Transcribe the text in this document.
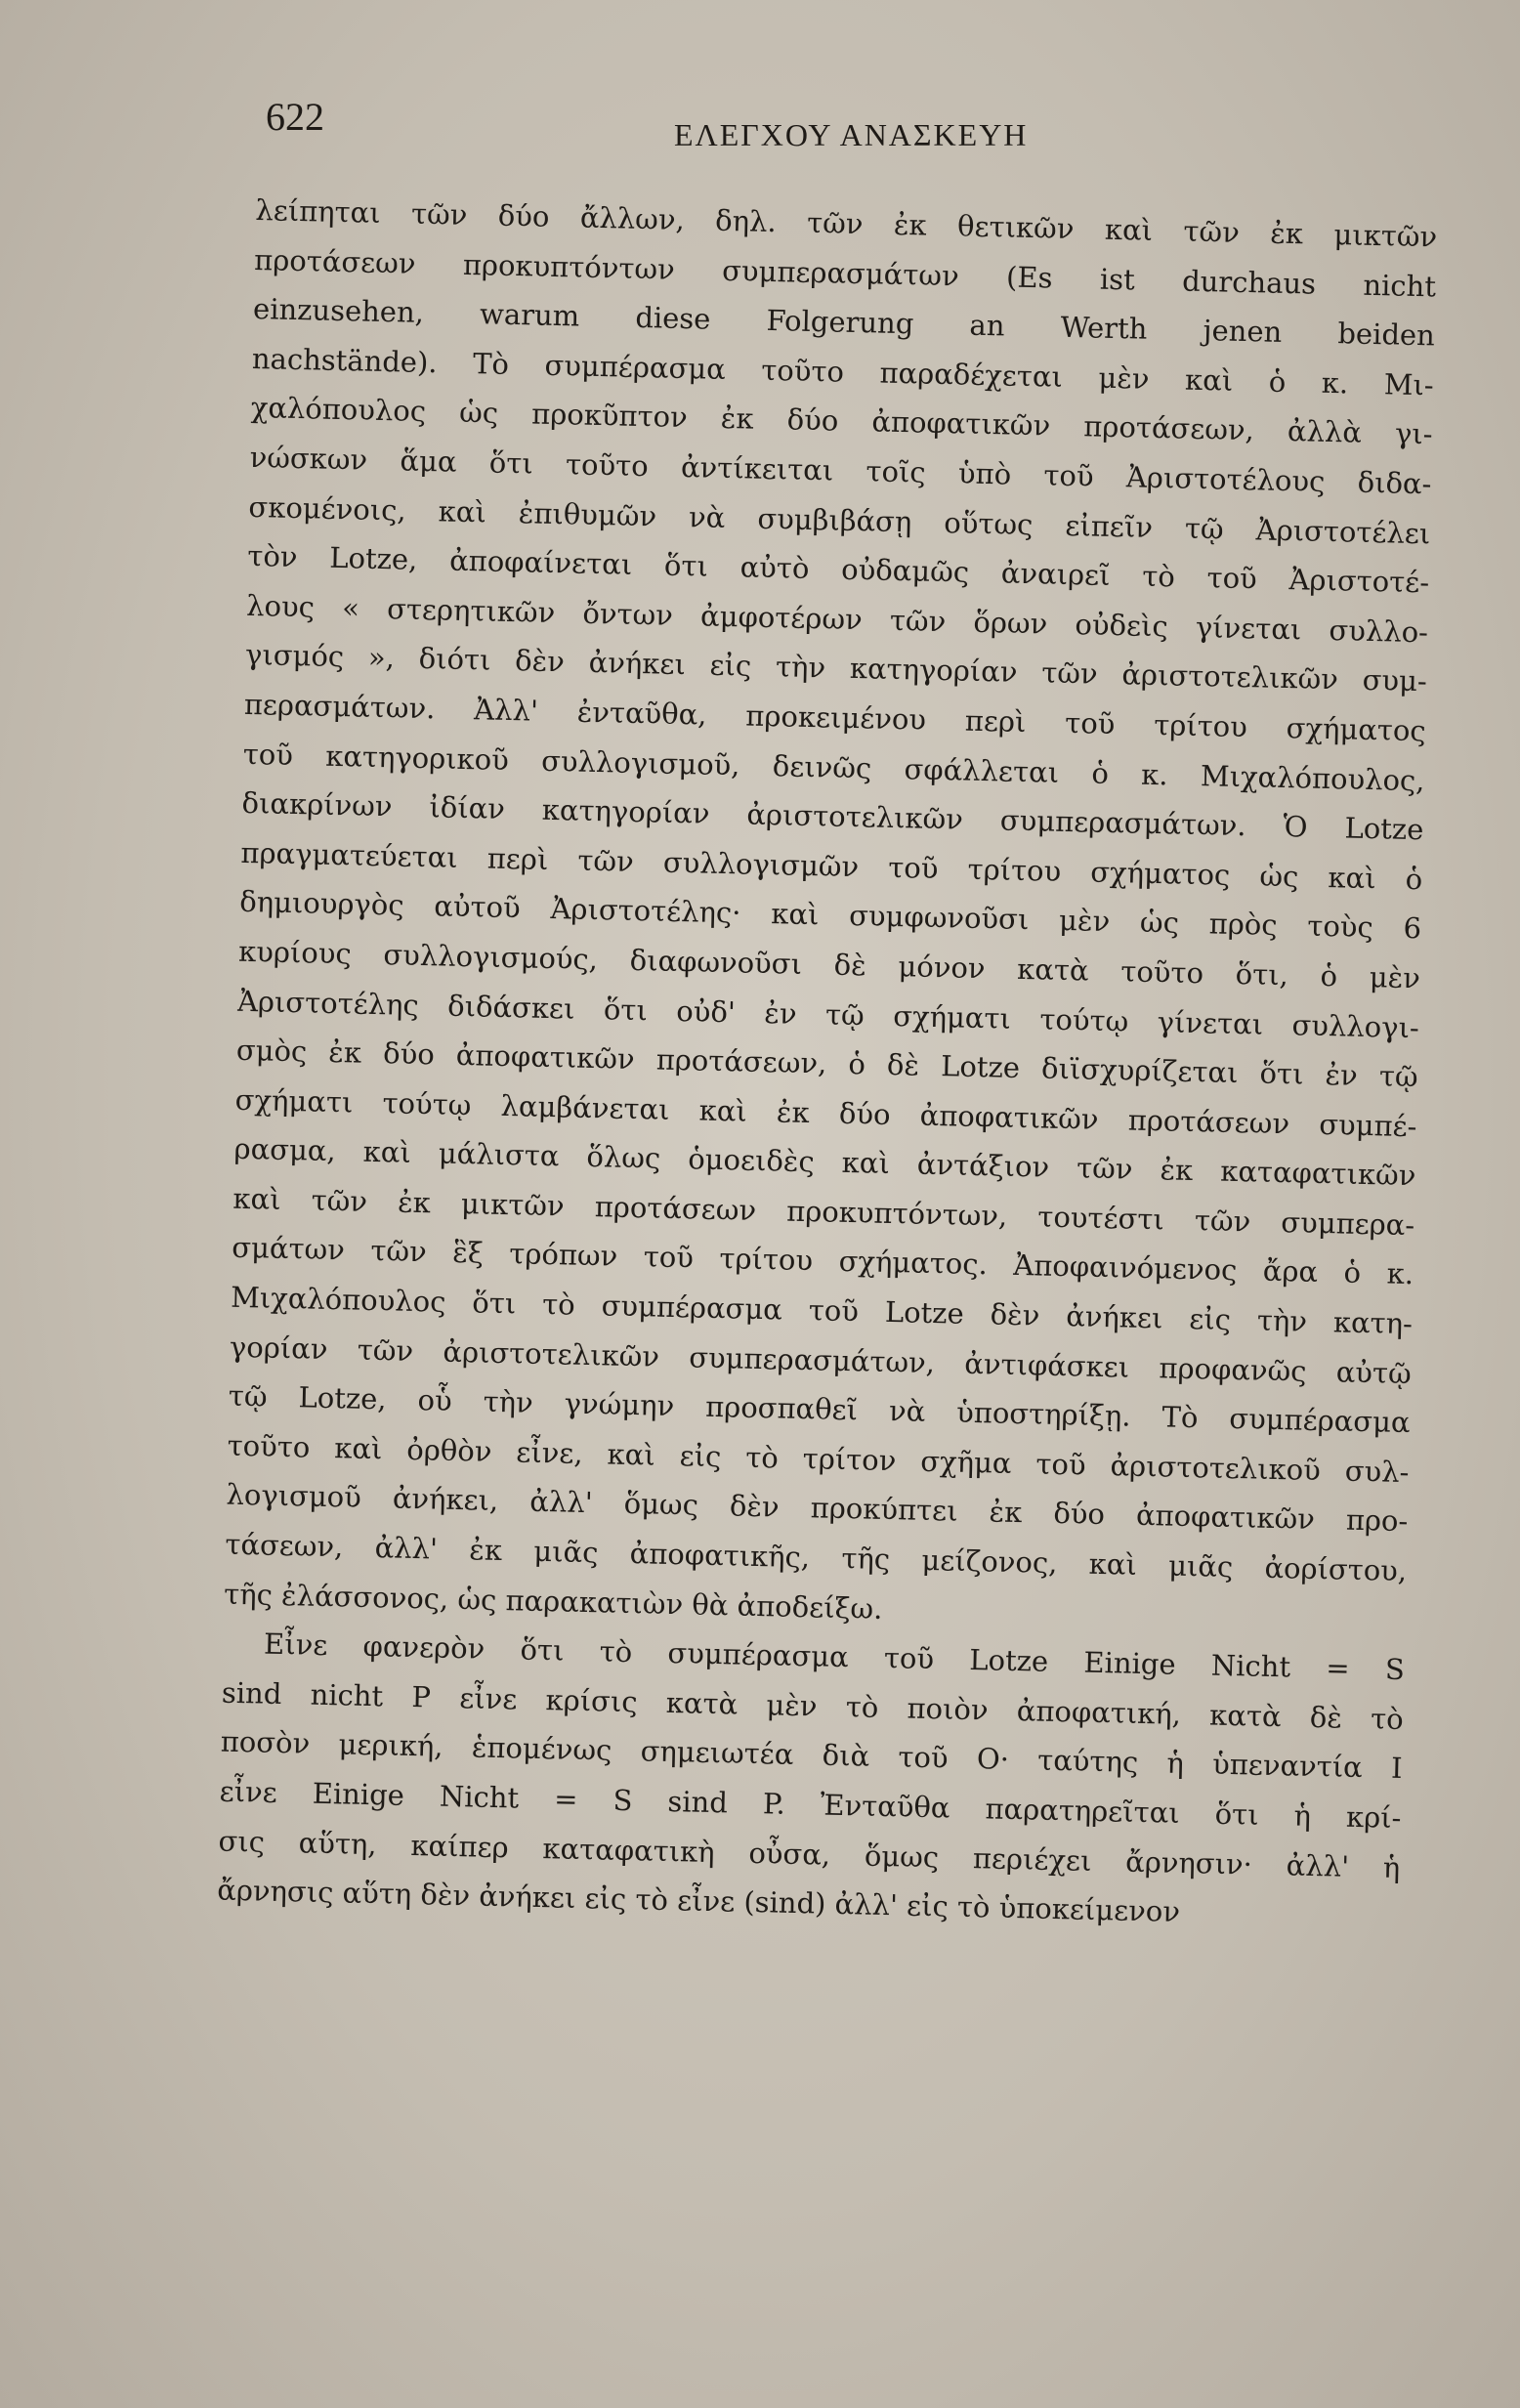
622	ΕΛΕΓΧΟΥ ΑΝΑΣΚΕΥΗ
λείπηται τῶν δύο ἄλλων, δηλ. τῶν ἐκ θετικῶν καὶ τῶν ἐκ μικτῶν
προτάσεων προκυπτόντων συμπερασμάτων (Es ist durchaus nicht
einzusehen, warum diese Folgerung an Werth jenen beiden
nachstände). Τὸ συμπέρασμα τοῦτο παραδέχεται μὲν καὶ ὁ κ. Μι-
χαλόπουλος ὡς προκῦπτον ἐκ δύο ἀποφατικῶν προτάσεων, ἀλλὰ γι-
νώσκων ἅμα ὅτι τοῦτο ἀντίκειται τοῖς ὑπὸ τοῦ Ἀριστοτέλους διδα-
σκομένοις, καὶ ἐπιθυμῶν νὰ συμβιβάσῃ οὕτως εἰπεῖν τῷ Ἀριστοτέλει
τὸν Lotze, ἀποφαίνεται ὅτι αὐτὸ οὐδαμῶς ἀναιρεῖ τὸ τοῦ Ἀριστοτέ-
λους « στερητικῶν ὄντων ἀμφοτέρων τῶν ὅρων οὐδεὶς γίνεται συλλο-
γισμός », διότι δὲν ἀνήκει εἰς τὴν κατηγορίαν τῶν ἀριστοτελικῶν συμ-
περασμάτων. Ἀλλ' ἐνταῦθα, προκειμένου περὶ τοῦ τρίτου σχήματος
τοῦ κατηγορικοῦ συλλογισμοῦ, δεινῶς σφάλλεται ὁ κ. Μιχαλόπουλος,
διακρίνων ἰδίαν κατηγορίαν ἀριστοτελικῶν συμπερασμάτων. Ὁ Lotze
πραγματεύεται περὶ τῶν συλλογισμῶν τοῦ τρίτου σχήματος ὡς καὶ ὁ
δημιουργὸς αὐτοῦ Ἀριστοτέλης· καὶ συμφωνοῦσι μὲν ὡς πρὸς τοὺς 6
κυρίους συλλογισμούς, διαφωνοῦσι δὲ μόνον κατὰ τοῦτο ὅτι, ὁ μὲν
Ἀριστοτέλης διδάσκει ὅτι οὐδ' ἐν τῷ σχήματι τούτῳ γίνεται συλλογι-
σμὸς ἐκ δύο ἀποφατικῶν προτάσεων, ὁ δὲ Lotze διϊσχυρίζεται ὅτι ἐν τῷ
σχήματι τούτῳ λαμβάνεται καὶ ἐκ δύο ἀποφατικῶν προτάσεων συμπέ-
ρασμα, καὶ μάλιστα ὅλως ὁμοειδὲς καὶ ἀντάξιον τῶν ἐκ καταφατικῶν
καὶ τῶν ἐκ μικτῶν προτάσεων προκυπτόντων, τουτέστι τῶν συμπερα-
σμάτων τῶν ἓξ τρόπων τοῦ τρίτου σχήματος. Ἀποφαινόμενος ἄρα ὁ κ.
Μιχαλόπουλος ὅτι τὸ συμπέρασμα τοῦ Lotze δὲν ἀνήκει εἰς τὴν κατη-
γορίαν τῶν ἀριστοτελικῶν συμπερασμάτων, ἀντιφάσκει προφανῶς αὐτῷ
τῷ Lotze, οὗ τὴν γνώμην προσπαθεῖ νὰ ὑποστηρίξῃ. Τὸ συμπέρασμα
τοῦτο καὶ ὀρθὸν εἶνε, καὶ εἰς τὸ τρίτον σχῆμα τοῦ ἀριστοτελικοῦ συλ-
λογισμοῦ ἀνήκει, ἀλλ' ὅμως δὲν προκύπτει ἐκ δύο ἀποφατικῶν προ-
τάσεων, ἀλλ' ἐκ μιᾶς ἀποφατικῆς, τῆς μείζονος, καὶ μιᾶς ἀορίστου,
τῆς ἐλάσσονος, ὡς παρακατιὼν θὰ ἀποδείξω.
Εἶνε φανερὸν ὅτι τὸ συμπέρασμα τοῦ Lotze Einige Nicht = S
sind nicht P εἶνε κρίσις κατὰ μὲν τὸ ποιὸν ἀποφατική, κατὰ δὲ τὸ
ποσὸν μερική, ἑπομένως σημειωτέα διὰ τοῦ O· ταύτης ἡ ὑπεναντία I
εἶνε Einige Nicht = S sind P. Ἐνταῦθα παρατηρεῖται ὅτι ἡ κρί-
σις αὕτη, καίπερ καταφατικὴ οὖσα, ὅμως περιέχει ἄρνησιν· ἀλλ' ἡ
ἄρνησις αὕτη δὲν ἀνήκει εἰς τὸ εἶνε (sind) ἀλλ' εἰς τὸ ὑποκείμενον
